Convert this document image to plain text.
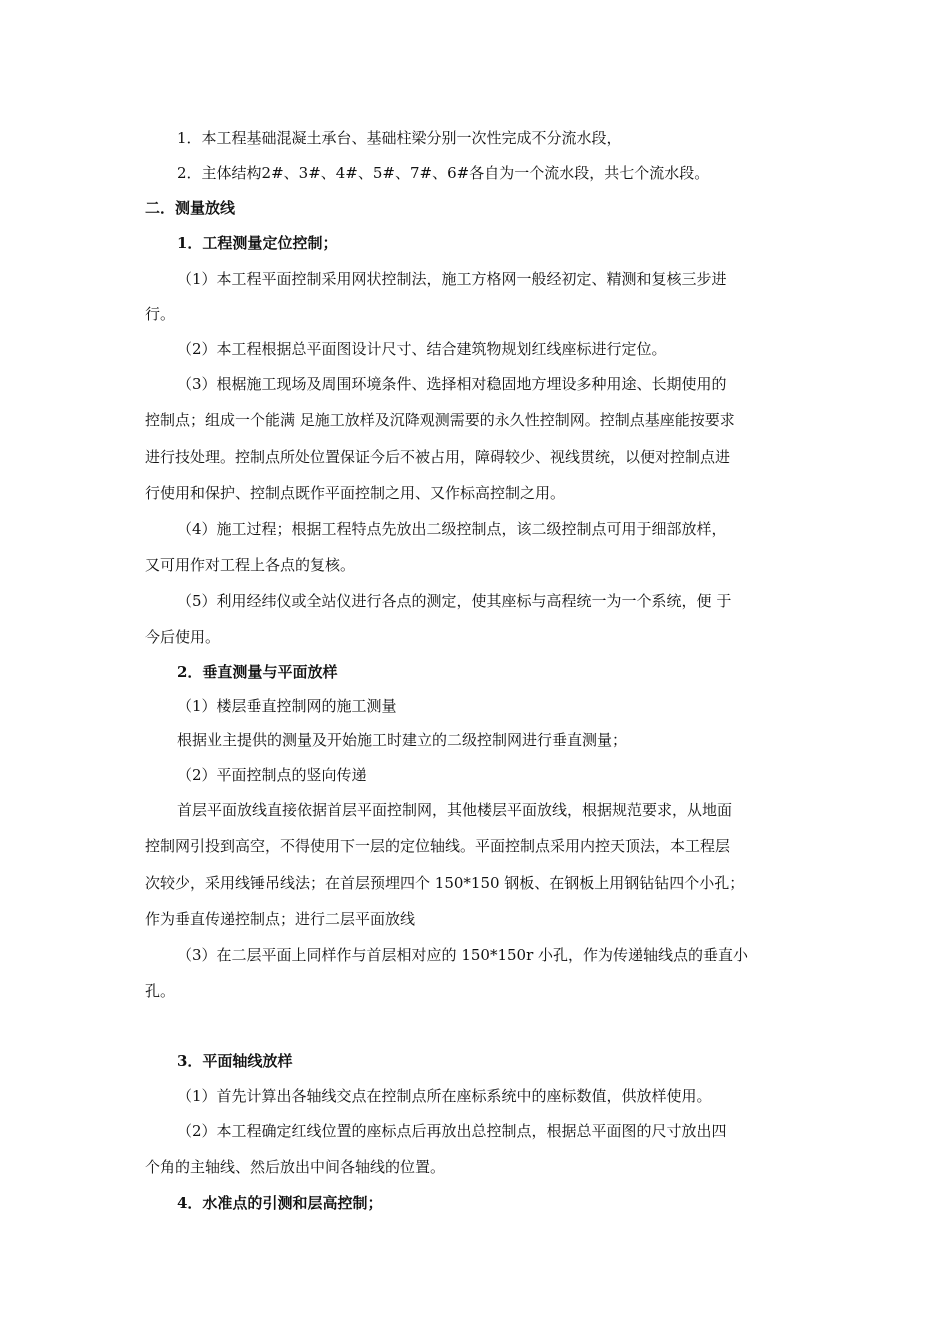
1．本工程基础混凝土承台、基础柱梁分别一次性完成不分流水段，
2．主体结构2#、3#、4#、5#、7#、6#各自为一个流水段，共七个流水段。
二．测量放线
1．工程测量定位控制；
（1）本工程平面控制采用网状控制法，施工方格网一般经初定、精测和复核三步进
行。
（2）本工程根据总平面图设计尺寸、结合建筑物规划红线座标进行定位。
（3）根椐施工现场及周围环境条件、选择相对稳固地方埋设多种用途、长期使用的
控制点；组成一个能满 足施工放样及沉降观测需要的永久性控制网。控制点基座能按要求
进行技处理。控制点所处位置保证今后不被占用，障碍较少、视线贯统，以便对控制点进
行使用和保护、控制点既作平面控制之用、又作标高控制之用。
（4）施工过程；根据工程特点先放出二级控制点，该二级控制点可用于细部放样，
又可用作对工程上各点的复核。
（5）利用经纬仪或全站仪进行各点的测定，使其座标与高程统一为一个系统，便 于
今后使用。
2．垂直测量与平面放样
（1）楼层垂直控制网的施工测量
根据业主提供的测量及开始施工时建立的二级控制网进行垂直测量；
（2）平面控制点的竖向传递
首层平面放线直接依据首层平面控制网，其他楼层平面放线，根据规范要求，从地面
控制网引投到高空，不得使用下一层的定位轴线。平面控制点采用内控天顶法，本工程层
次较少，采用线锤吊线法；在首层预埋四个 150*150 钢板、在钢板上用钢钻钻四个小孔；
作为垂直传递控制点；进行二层平面放线
（3）在二层平面上同样作与首层相对应的 150*150r 小孔，作为传递轴线点的垂直小
孔。
3．平面轴线放样
（1）首先计算出各轴线交点在控制点所在座标系统中的座标数值，供放样使用。
（2）本工程确定红线位置的座标点后再放出总控制点，根据总平面图的尺寸放出四
个角的主轴线、然后放出中间各轴线的位置。
4．水准点的引测和层高控制；
